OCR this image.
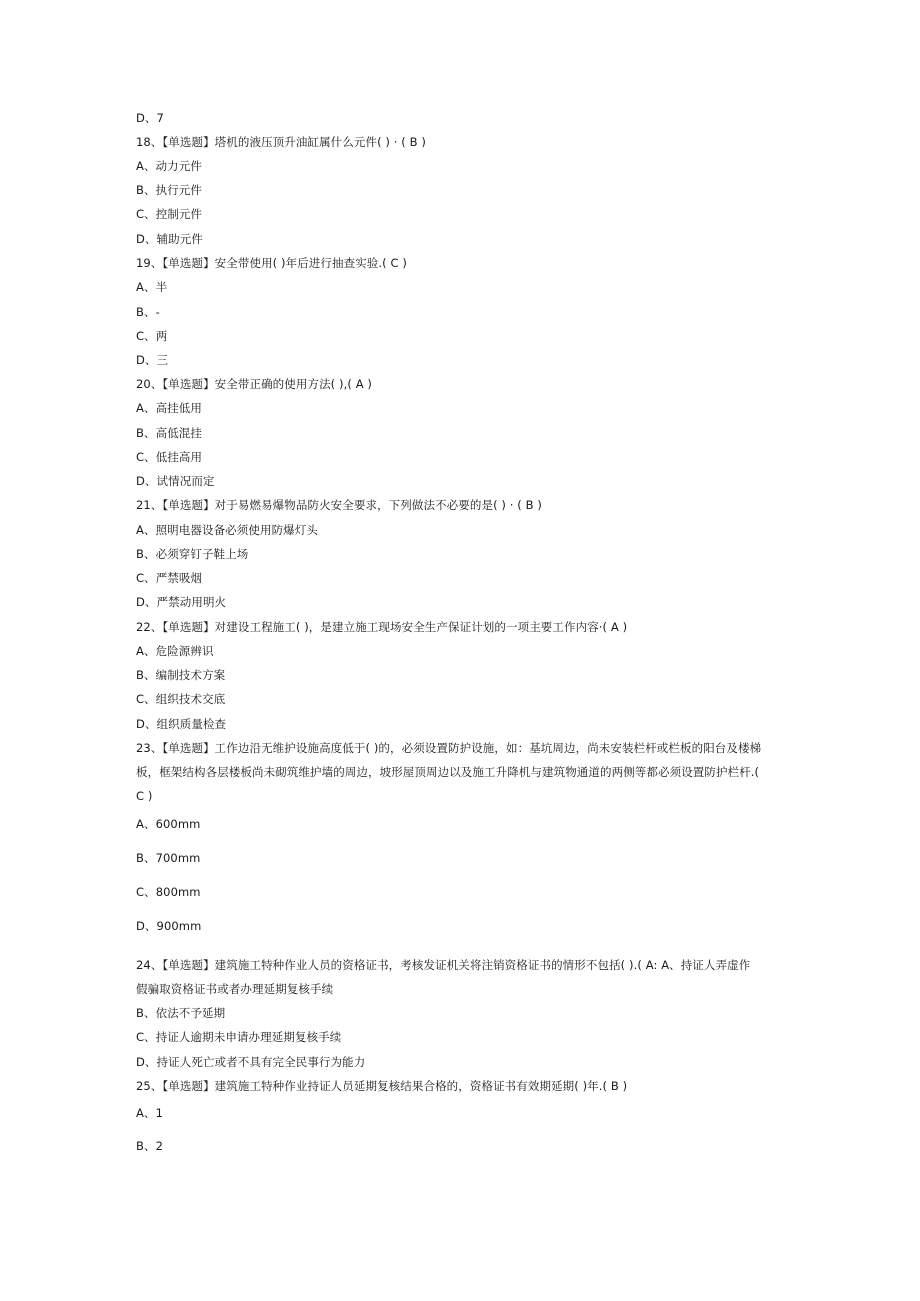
D、7
18、【单选题】塔机的液压顶升油缸属什么元件( ) · ( B )
A、动力元件
B、执行元件
C、控制元件
D、辅助元件
19、【单选题】安全带使用( )年后进行抽查实验.( C )
A、半
B、-
C、两
D、三
20、【单选题】安全带正确的使用方法( ),( A )
A、高挂低用
B、高低混挂
C、低挂高用
D、试情况而定
21、【单选题】对于易燃易爆物品防火安全要求，下列做法不必要的是( ) · ( B )
A、照明电器设备必须使用防爆灯头
B、必须穿钉子鞋上场
C、严禁吸烟
D、严禁动用明火
22、【单选题】对建设工程施工( )，是建立施工现场安全生产保证计划的一项主要工作内容·( A )
A、危险源辨识
B、编制技术方案
C、组织技术交底
D、组织质量检查
23、【单选题】工作边沿无维护设施高度低于( )的，必须设置防护设施，如：基坑周边，尚未安装栏杆或栏板的阳台及楼梯
板，框架结构各层楼板尚未砌筑维护墙的周边，坡形屋顶周边以及施工升降机与建筑物通道的两侧等都必须设置防护栏杆.(
C )
A、600mm
B、700mm
C、800mm
D、900mm
24、【单选题】建筑施工特种作业人员的资格证书，考核发证机关将注销资格证书的情形不包括( ).( A: A、持证人弄虚作
假骗取资格证书或者办理延期复核手续
B、依法不予延期
C、持证人逾期未申请办理延期复核手续
D、持证人死亡或者不具有完全民事行为能力
25、【单选题】建筑施工特种作业持证人员延期复核结果合格的，资格证书有效期延期( )年.( B )
A、1
B、2
